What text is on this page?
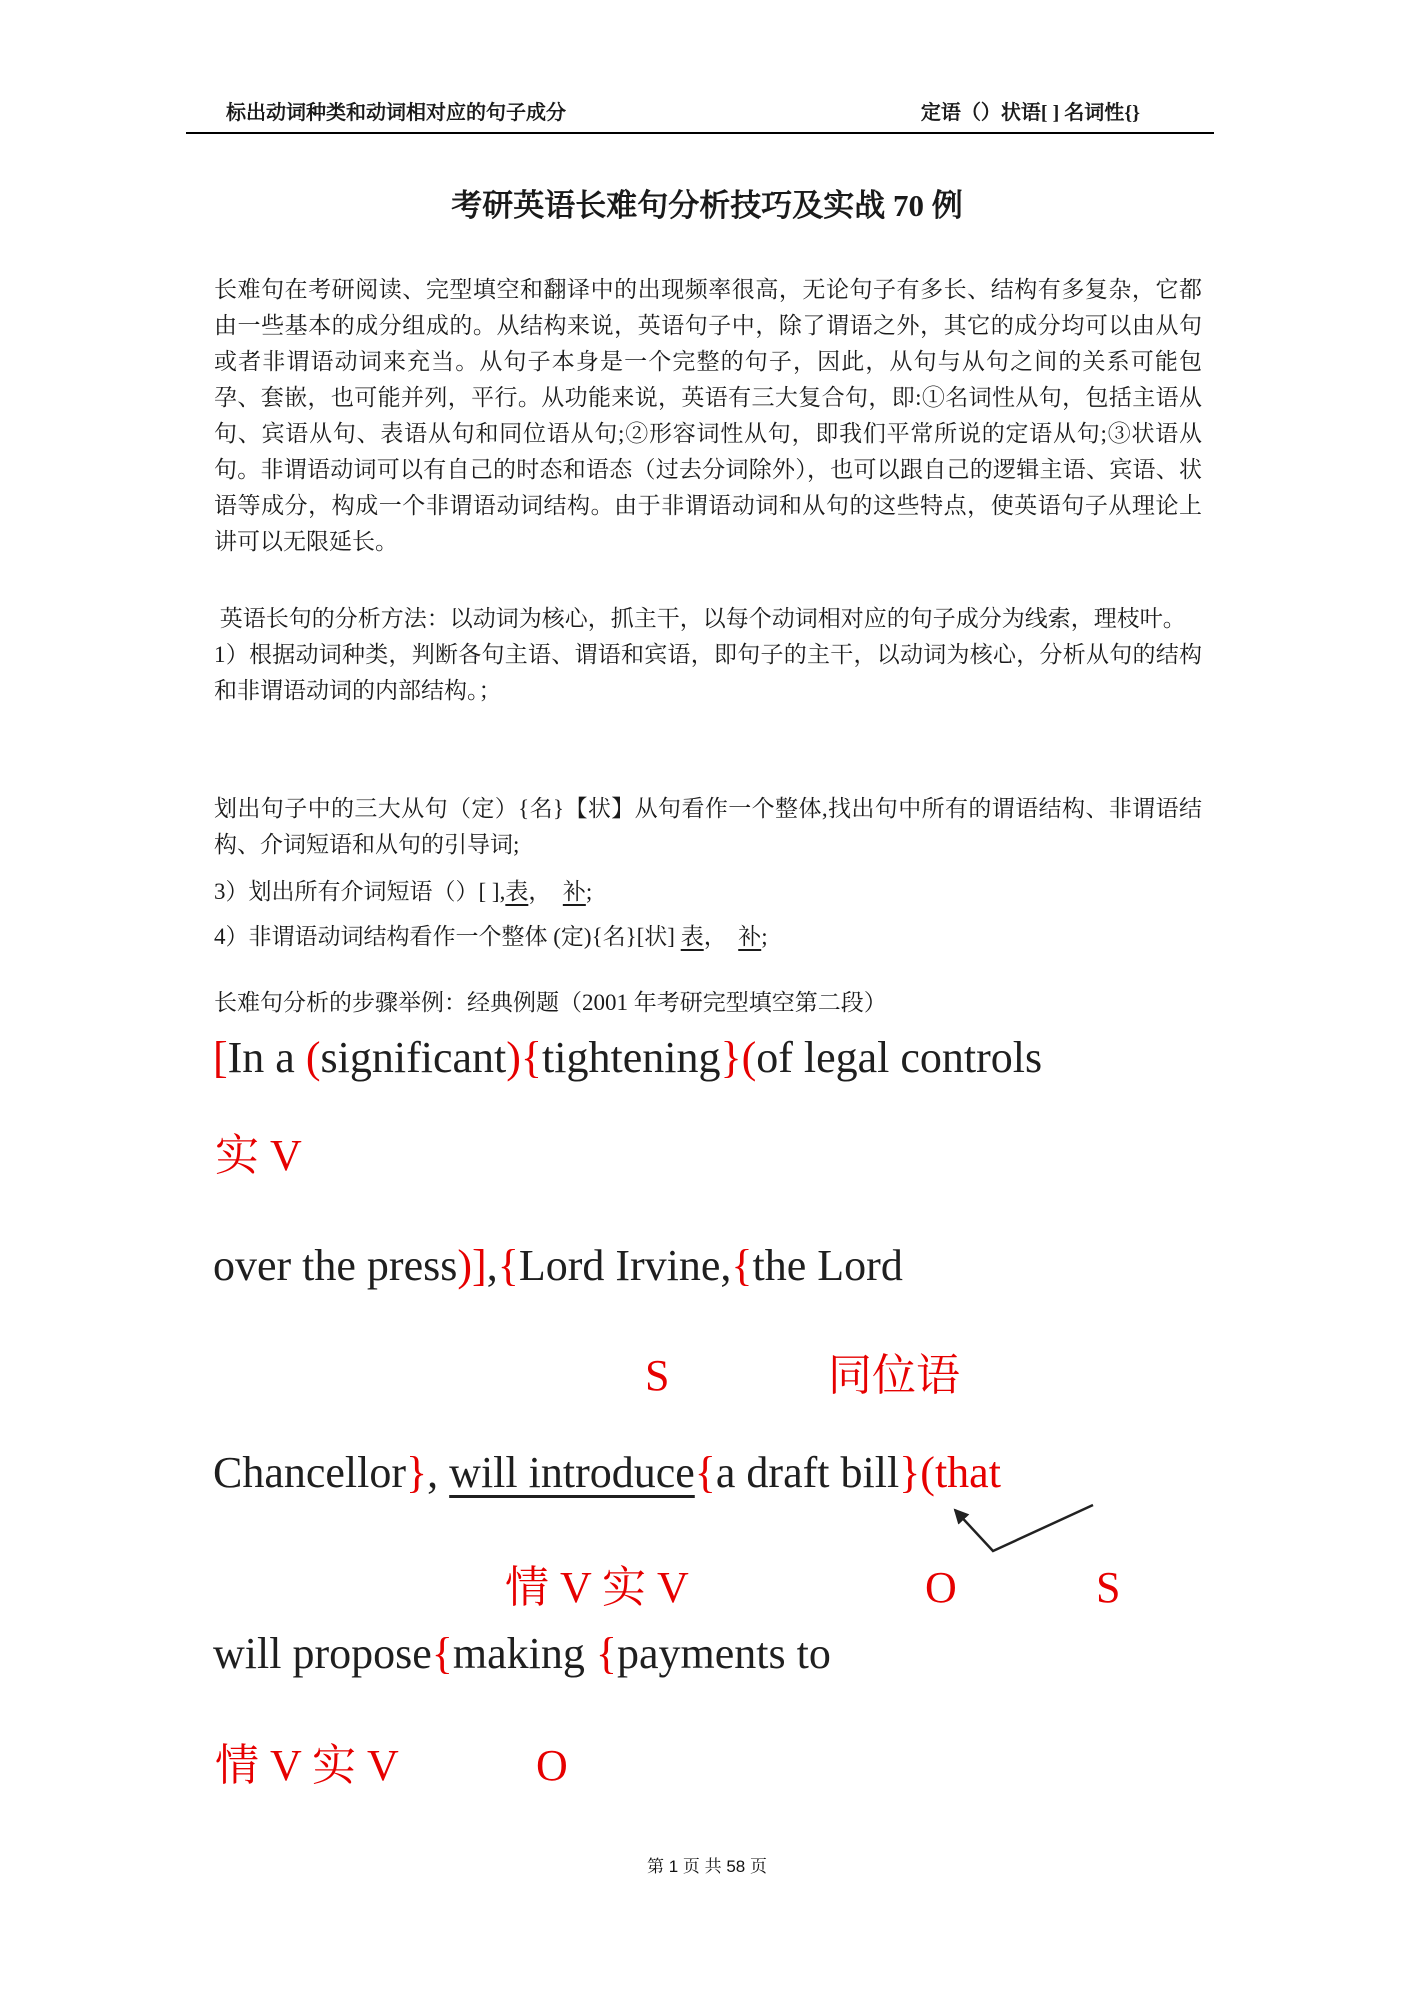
标出动词种类和动词相对应的句子成分	定语（）状语[ ] 名词性{}
考研英语长难句分析技巧及实战 70 例

长难句在考研阅读、完型填空和翻译中的出现频率很高，无论句子有多长、结构有多复杂，它都由一些基本的成分组成的。从结构来说，英语句子中，除了谓语之外，其它的成分均可以由从句或者非谓语动词来充当。从句子本身是一个完整的句子，因此，从句与从句之间的关系可能包孕、套嵌，也可能并列，平行。从功能来说，英语有三大复合句，即:①名词性从句，包括主语从句、宾语从句、表语从句和同位语从句;②形容词性从句，即我们平常所说的定语从句;③状语从句。非谓语动词可以有自己的时态和语态（过去分词除外），也可以跟自己的逻辑主语、宾语、状语等成分，构成一个非谓语动词结构。由于非谓语动词和从句的这些特点，使英语句子从理论上讲可以无限延长。

英语长句的分析方法：以动词为核心，抓主干，以每个动词相对应的句子成分为线索，理枝叶。

1）根据动词种类，判断各句主语、谓语和宾语，即句子的主干，以动词为核心，分析从句的结构和非谓语动词的内部结构。；

划出句子中的三大从句（定）{名}【状】从句看作一个整体,找出句中所有的谓语结构、非谓语结构、介词短语和从句的引导词;

3）划出所有介词短语（）[ ],表，　补;

4）非谓语动词结构看作一个整体 (定){名}[状] 表，　补;

长难句分析的步骤举例：经典例题（2001 年考研完型填空第二段）

[In a (significant){tightening}(of legal controls
实 V
over the press)],{Lord Irvine,{the Lord
S	同位语
Chancellor}, will introduce{a draft bill}(that
情 V 实 V	O	S
will propose{making {payments to
情 V 实 V	O
第 1 页 共 58 页
